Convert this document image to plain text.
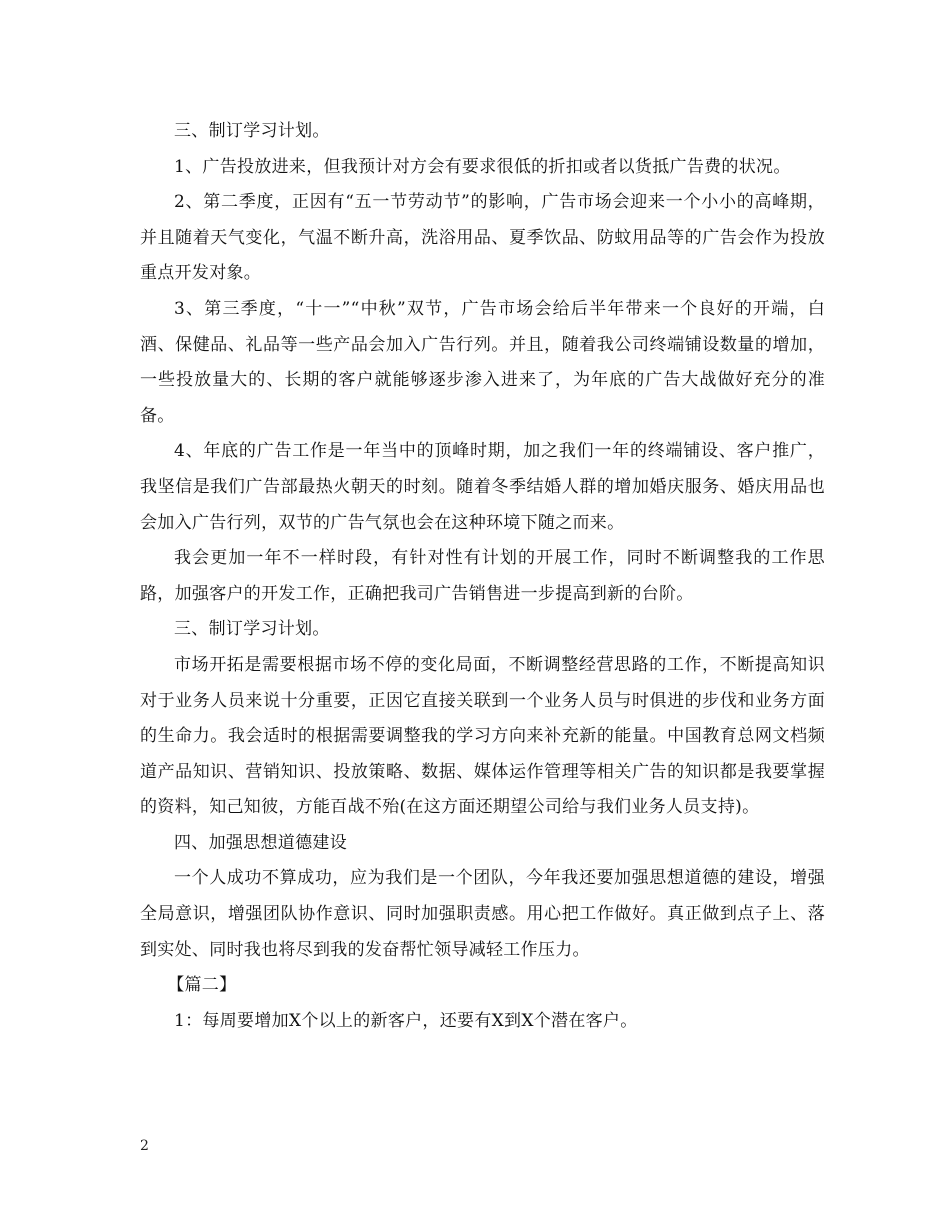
三、制订学习计划。

1、广告投放进来，但我预计对方会有要求很低的折扣或者以货抵广告费的状况。

2、第二季度，正因有“五一节劳动节”的影响，广告市场会迎来一个小小的高峰期，并且随着天气变化，气温不断升高，洗浴用品、夏季饮品、防蚊用品等的广告会作为投放重点开发对象。

3、第三季度，“十一”“中秋”双节，广告市场会给后半年带来一个良好的开端，白酒、保健品、礼品等一些产品会加入广告行列。并且，随着我公司终端铺设数量的增加，一些投放量大的、长期的客户就能够逐步渗入进来了，为年底的广告大战做好充分的准备。

4、年底的广告工作是一年当中的顶峰时期，加之我们一年的终端铺设、客户推广，我坚信是我们广告部最热火朝天的时刻。随着冬季结婚人群的增加婚庆服务、婚庆用品也会加入广告行列，双节的广告气氛也会在这种环境下随之而来。

我会更加一年不一样时段，有针对性有计划的开展工作，同时不断调整我的工作思路，加强客户的开发工作，正确把我司广告销售进一步提高到新的台阶。

三、制订学习计划。

市场开拓是需要根据市场不停的变化局面，不断调整经营思路的工作，不断提高知识对于业务人员来说十分重要，正因它直接关联到一个业务人员与时俱进的步伐和业务方面的生命力。我会适时的根据需要调整我的学习方向来补充新的能量。中国教育总网文档频道产品知识、营销知识、投放策略、数据、媒体运作管理等相关广告的知识都是我要掌握的资料，知己知彼，方能百战不殆(在这方面还期望公司给与我们业务人员支持)。

四、加强思想道德建设

一个人成功不算成功，应为我们是一个团队，今年我还要加强思想道德的建设，增强全局意识，增强团队协作意识、同时加强职责感。用心把工作做好。真正做到点子上、落到实处、同时我也将尽到我的发奋帮忙领导减轻工作压力。

【篇二】

1：每周要增加X个以上的新客户，还要有X到X个潜在客户。

2
